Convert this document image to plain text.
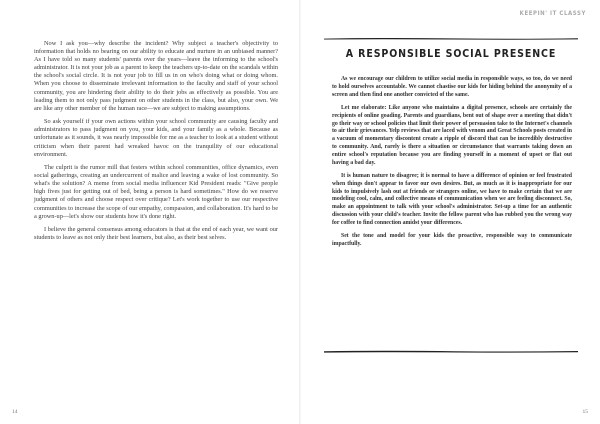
Now I ask you—why describe the incident? Why subject a teacher's objectivity to information that holds no bearing on our ability to educate and nurture in an unbiased manner? As I have told so many students' parents over the years—leave the informing to the school's administrator. It is not your job as a parent to keep the teachers up-to-date on the scandals within the school's social circle. It is not your job to fill us in on who's doing what or doing whom. When you choose to disseminate irrelevant information to the faculty and staff of your school community, you are hindering their ability to do their jobs as effectively as possible. You are leading them to not only pass judgment on other students in the class, but also, your own. We are like any other member of the human race—we are subject to making assumptions.

So ask yourself if your own actions within your school community are causing faculty and administrators to pass judgment on you, your kids, and your family as a whole. Because as unfortunate as it sounds, it was nearly impossible for me as a teacher to look at a student without criticism when their parent had wreaked havoc on the tranquility of our educational environment.

The culprit is the rumor mill that festers within school communities, office dynamics, even social gatherings, creating an undercurrent of malice and leaving a wake of lost community. So what's the solution? A meme from social media influencer Kid President reads: "Give people high fives just for getting out of bed, being a person is hard sometimes." How do we reserve judgment of others and choose respect over critique? Let's work together to use our respective communities to increase the scope of our empathy, compassion, and collaboration. It's hard to be a grown-up—let's show our students how it's done right.

I believe the general consensus among educators is that at the end of each year, we want our students to leave as not only their best learners, but also, as their best selves.

14
KEEPIN' IT CLASSY
A RESPONSIBLE SOCIAL PRESENCE

As we encourage our children to utilize social media in responsible ways, so too, do we need to hold ourselves accountable. We cannot chastise our kids for hiding behind the anonymity of a screen and then find one another convicted of the same.

Let me elaborate: Like anyone who maintains a digital presence, schools are certainly the recipients of online goading. Parents and guardians, bent out of shape over a meeting that didn't go their way or school policies that limit their power of persuasion take to the Internet's channels to air their grievances. Yelp reviews that are laced with venom and Great Schools posts created in a vacuum of momentary discontent create a ripple of discord that can be incredibly destructive to community. And, rarely is there a situation or circumstance that warrants taking down an entire school's reputation because you are finding yourself in a moment of upset or flat out having a bad day.

It is human nature to disagree; it is normal to have a difference of opinion or feel frustrated when things don't appear to favor our own desires. But, as much as it is inappropriate for our kids to impulsively lash out at friends or strangers online, we have to make certain that we are modeling cool, calm, and collective means of communication when we are feeling disconnect. So, make an appointment to talk with your school's administrator. Set-up a time for an authentic discussion with your child's teacher. Invite the fellow parent who has rubbed you the wrong way for coffee to find connection amidst your differences.

Set the tone and model for your kids the proactive, responsible way to communicate impactfully.

15
